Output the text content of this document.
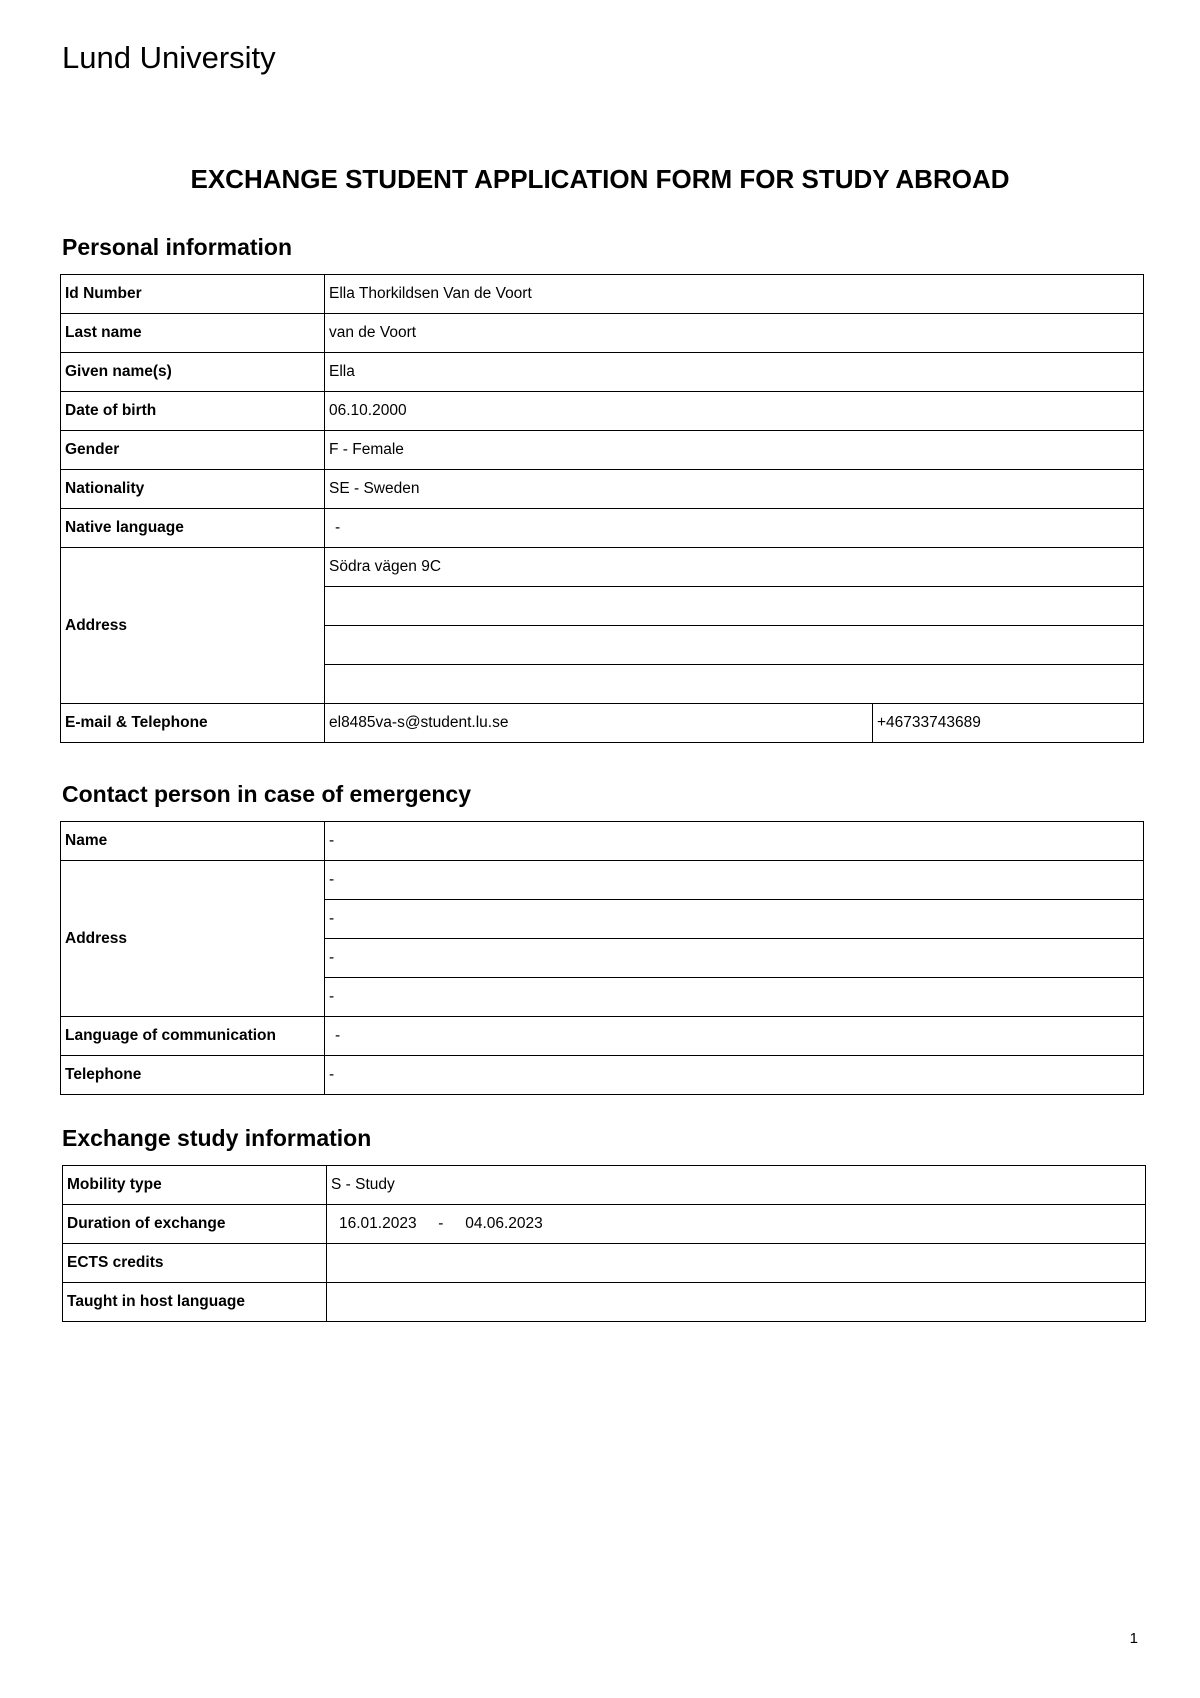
Lund University
EXCHANGE STUDENT APPLICATION FORM FOR STUDY ABROAD
Personal information
Id Number	Ella Thorkildsen Van de Voort	
Last name	van de Voort	
Given name(s)	Ella	
Date of birth	06.10.2000	
Gender	F - Female	
Nationality	SE - Sweden	
Native language	-	
Address	Södra vägen 9C	

E-mail & Telephone	el8485va-s@student.lu.se	+46733743689
Contact person in case of emergency
Name	-
Address	-
	-
	-
	-
Language of communication	-
Telephone	-
Exchange study information
Mobility type	S - Study
Duration of exchange	16.01.2023 - 04.06.2023
ECTS credits	
Taught in host language	
1
